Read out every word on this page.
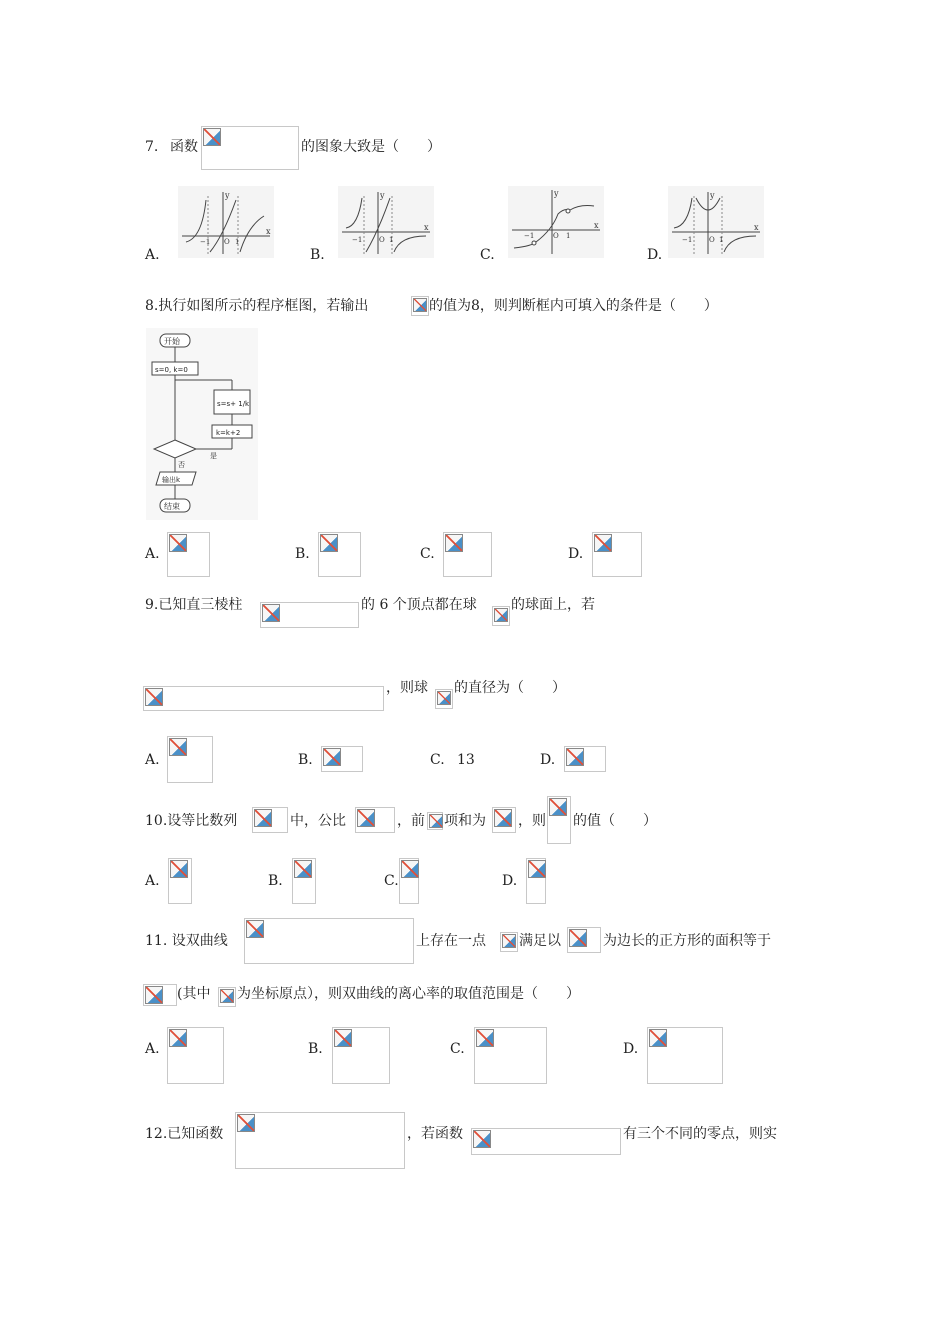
7. 函数	的图象大致是（　　）
y
x
−1 O 1
y
x
−1 O 1
y
x
−1	O 1
y
x
−1 O 1
A.	B.	C.	D.
8.执行如图所示的程序框图，若输出	的值为8，则判断框内可填入的条件是（　　）
开始
s=0, k=0
s=s+ 1/k
k=k+2
是
否
输出k
结束
A.	B.	C.	D.
9.已知直三棱柱	的 6 个顶点都在球 的球面上，若
，则球 的直径为（　　）
A.	B.	C. 13	D.
10.设等比数列	中，公比	，前 项和为 ，则 的值（　　）
A.	B.	C.	D.
11. 设双曲线	上存在一点 满足以	为边长的正方形的面积等于
(其中 为坐标原点），则双曲线的离心率的取值范围是（　　）
A.	B.	C.	D.
12.已知函数	，若函数	有三个不同的零点，则实
